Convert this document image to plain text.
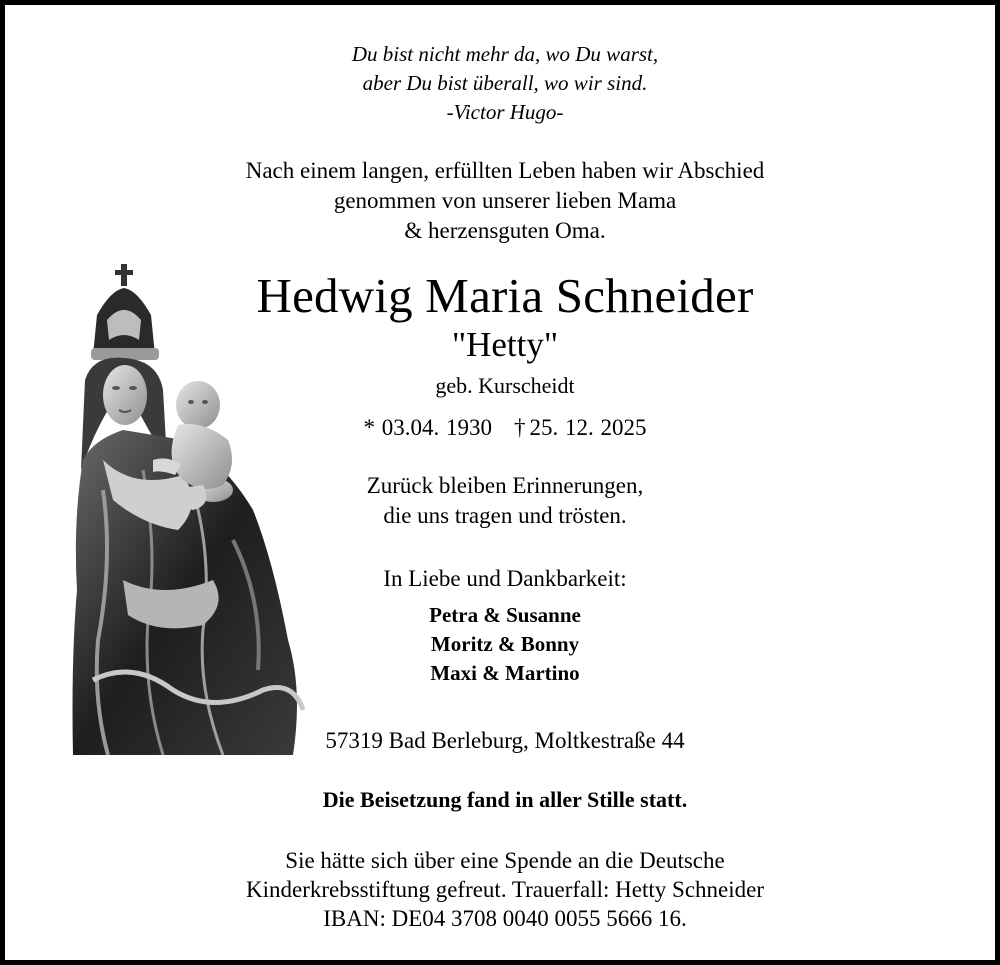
Du bist nicht mehr da, wo Du warst,
aber Du bist überall, wo wir sind.
-Victor Hugo-
Nach einem langen, erfüllten Leben haben wir Abschied
genommen von unserer lieben Mama
& herzensguten Oma.
Hedwig Maria Schneider
"Hetty"
geb. Kurscheidt
* 03.04. 1930 † 25. 12. 2025
Zurück bleiben Erinnerungen,
die uns tragen und trösten.
In Liebe und Dankbarkeit:
Petra & Susanne
Moritz & Bonny
Maxi & Martino
57319 Bad Berleburg, Moltkestraße 44
Die Beisetzung fand in aller Stille statt.
Sie hätte sich über eine Spende an die Deutsche
Kinderkrebsstiftung gefreut. Trauerfall: Hetty Schneider
IBAN: DE04 3708 0040 0055 5666 16.
